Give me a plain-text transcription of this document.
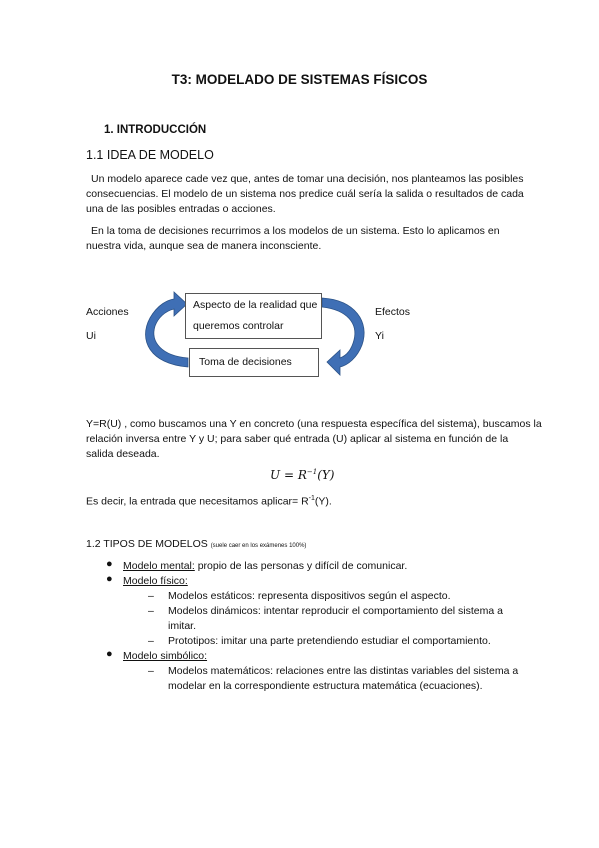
T3: MODELADO DE SISTEMAS FÍSICOS
1. INTRODUCCIÓN
1.1 IDEA DE MODELO
Un modelo aparece cade vez que, antes de tomar una decisión, nos planteamos las posibles
consecuencias. El modelo de un sistema nos predice cuál sería la salida o resultados de cada
una de las posibles entradas o acciones.
En la toma de decisiones recurrimos a los modelos de un sistema. Esto lo aplicamos en
nuestra vida, aunque sea de manera inconsciente.
Acciones
Ui
Efectos
Yi
Aspecto de la realidad que
queremos controlar
Toma de decisiones
Y=R(U) , como buscamos una Y en concreto (una respuesta específica del sistema), buscamos la
relación inversa entre Y y U; para saber qué entrada (U) aplicar al sistema en función de la
salida deseada.
$U = R^{-1}(Y)$
Es decir, la entrada que necesitamos aplicar= $R^{-1}(Y)$.
1.2 TIPOS DE MODELOS (suele caer en los exámenes 100%)
● Modelo mental: propio de las personas y difícil de comunicar.
● Modelo físico:
– Modelos estáticos: representa dispositivos según el aspecto.
– Modelos dinámicos: intentar reproducir el comportamiento del sistema a
imitar.
– Prototipos: imitar una parte pretendiendo estudiar el comportamiento.
● Modelo simbólico:
– Modelos matemáticos: relaciones entre las distintas variables del sistema a
modelar en la correspondiente estructura matemática (ecuaciones).
